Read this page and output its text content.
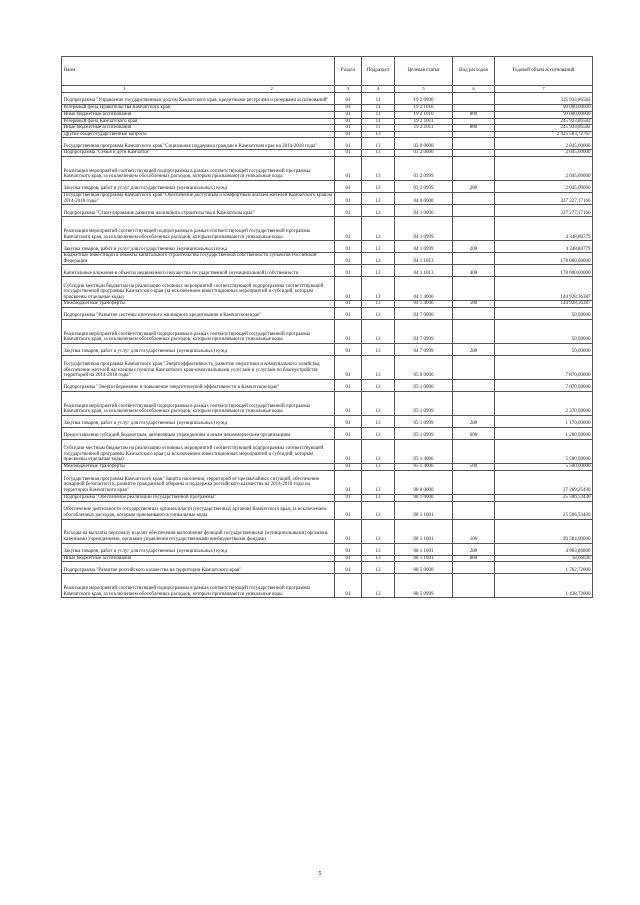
Наим	Раздел	Подраздел	Целевая статья	Вид расходов	Годовой объем ассигнований
1 2	3	4	5	6	7
Подпрограмма "Управление государственным долгом Камчатского края, кредитными ресурсами и резервами ассигнований"	01	11	19 2 0000		335 933,86582
Резервный фонд Правительства Камчатского края	01	11	19 2 1010		90 000,00000
Иные бюджетные ассигнования	01	11	19 2 1010	800	90 000,00000
Резервный фонд Камчатского края	01	11	19 2 1011		245 933,86582
Иные бюджетные ассигнования	01	11	19 2 1011	800	245 933,86582
Другие общегосударственные вопросы	01	13			2 425 583,72767
Государственная программа Камчатского края "Социальная поддержка граждан в Камчатском крае на 2014-2018 годы"	01	13	03 0 0000		2 045,00000
Подпрограмма "Семья и дети Камчатки"	01	13	03 2 0000		2 045,00000
Реализация мероприятий соответствующей подпрограммы в рамках соответствующей государственной программы Камчатского края, за исключением обособленных расходов, которым присваиваются уникальные коды	01	13	03 2 0999		2 045,00000
Закупка товаров, работ и услуг для государственных (муниципальных) нужд	01	13	03 2 0999	200	2 045,00000
Государственная программа Камчатского края "Обеспечение доступным и комфортным жильем жителей Камчатского края на 2014-2018 годы"	01	13	04 0 0000		327 327,17166
Подпрограмма "Стимулирование развития жилищного строительства в Камчатском крае"	01	13	04 1 0000		327 277,17166
Реализация мероприятий соответствующей подпрограммы в рамках соответствующей государственной программы Камчатского края, за исключением обособленных расходов, которым присваиваются уникальные коды	01	13	04 1 0999		4 348,80779
Закупка товаров, работ и услуг для государственных (муниципальных) нужд	01	13	04 1 0999	200	4 348,80779
Бюджетные инвестиции в объекты капитального строительства государственной собственности субъектов Российской Федерации	01	13	04 1 1013		178 000,00000
Капитальные вложения в объекты недвижимого имущества государственной (муниципальной) собственности	01	13	04 1 1013	400	178 000,00000
Субсидии местным бюджетам на реализацию основных мероприятий соответствующей подпрограммы соответствующей государственной программы Камчатского края (за исключением инвестиционных мероприятий и субсидий, которым присвоены отдельные коды)	01	13	04 1 4006		144 928,36387
Межбюджетные трансферты	01	13	04 1 4006	500	144 928,36387
Подпрограмма "Развитие системы ипотечного жилищного кредитования в Камчатском крае"	01	13	04 7 0000		50,00000
Реализация мероприятий соответствующей подпрограммы в рамках соответствующей государственной программы Камчатского края, за исключением обособленных расходов, которым присваиваются уникальные коды	01	13	04 7 0999		50,00000
Закупка товаров, работ и услуг для государственных (муниципальных) нужд	01	13	04 7 0999	200	50,00000
Государственная программа Камчатского края "Энергоэффективность, развитие энергетики и коммунального хозяйства, обеспечение жителей населенных пунктов Камчатского края коммунальными услугами и услугами по благоустройству территорий на 2014-2018 годы"	01	13	05 0 0000		7 870,00000
Подпрограмма "Энергосбережение и повышение энергетической эффективности в Камчатском крае"	01	13	05 1 0000		7 870,00000
Реализация мероприятий соответствующей подпрограммы в рамках соответствующей государственной программы Камчатского края, за исключением обособленных расходов, которым присваиваются уникальные коды	01	13	05 1 0999		2 370,00000
Закупка товаров, работ и услуг для государственных (муниципальных) нужд	01	13	05 1 0999	200	1 170,00000
Предоставление субсидий бюджетным, автономным учреждениям и иным некоммерческим организациям	01	13	05 1 0999	600	1 200,00000
Субсидии местным бюджетам на реализацию основных мероприятий соответствующей подпрограммы соответствующей государственной программы Камчатского края (за исключением инвестиционных мероприятий и субсидий, которым присвоены отдельные коды)	01	13	05 1 4006		5 500,00000
Межбюджетные трансферты	01	13	05 1 4006	500	5 500,00000
Государственная программа Камчатского края "Защита населения, территорий от чрезвычайных ситуаций, обеспечение пожарной безопасности, развитие гражданской обороны и поддержка российского казачества на 2014-2018 годы на территории Камчатского края"	01	13	08 0 0000		27 269,25430
Подпрограмма "Обеспечение реализации государственной программы"	01	13	08 1 0000		25 506,53430
Обеспечение деятельности государственных органов власти (государственных органов) Камчатского края, за исключением обособленных расходов, которым присваиваются уникальные коды	01	13	08 1 1001		25 506,53430
Расходы на выплаты персоналу в целях обеспечения выполнения функций государственными (муниципальными) органами, казенными учреждениями, органами управления государственными внебюджетными фондами	01	13	08 1 1001	100	20 584,00000
Закупка товаров, работ и услуг для государственных (муниципальных) нужд	01	13	08 1 1001	200	4 903,86800
Иные бюджетные ассигнования	01	13	08 1 1001	800	18,66630
Подпрограмма "Развитие российского казачества на территории Камчатского края"	01	13	08 5 0000		1 762,72000
Реализация мероприятий соответствующей подпрограммы в рамках соответствующей государственной программы Камчатского края, за исключением обособленных расходов, которым присваиваются уникальные коды	01	13	08 5 0999		1 438,72000
5
